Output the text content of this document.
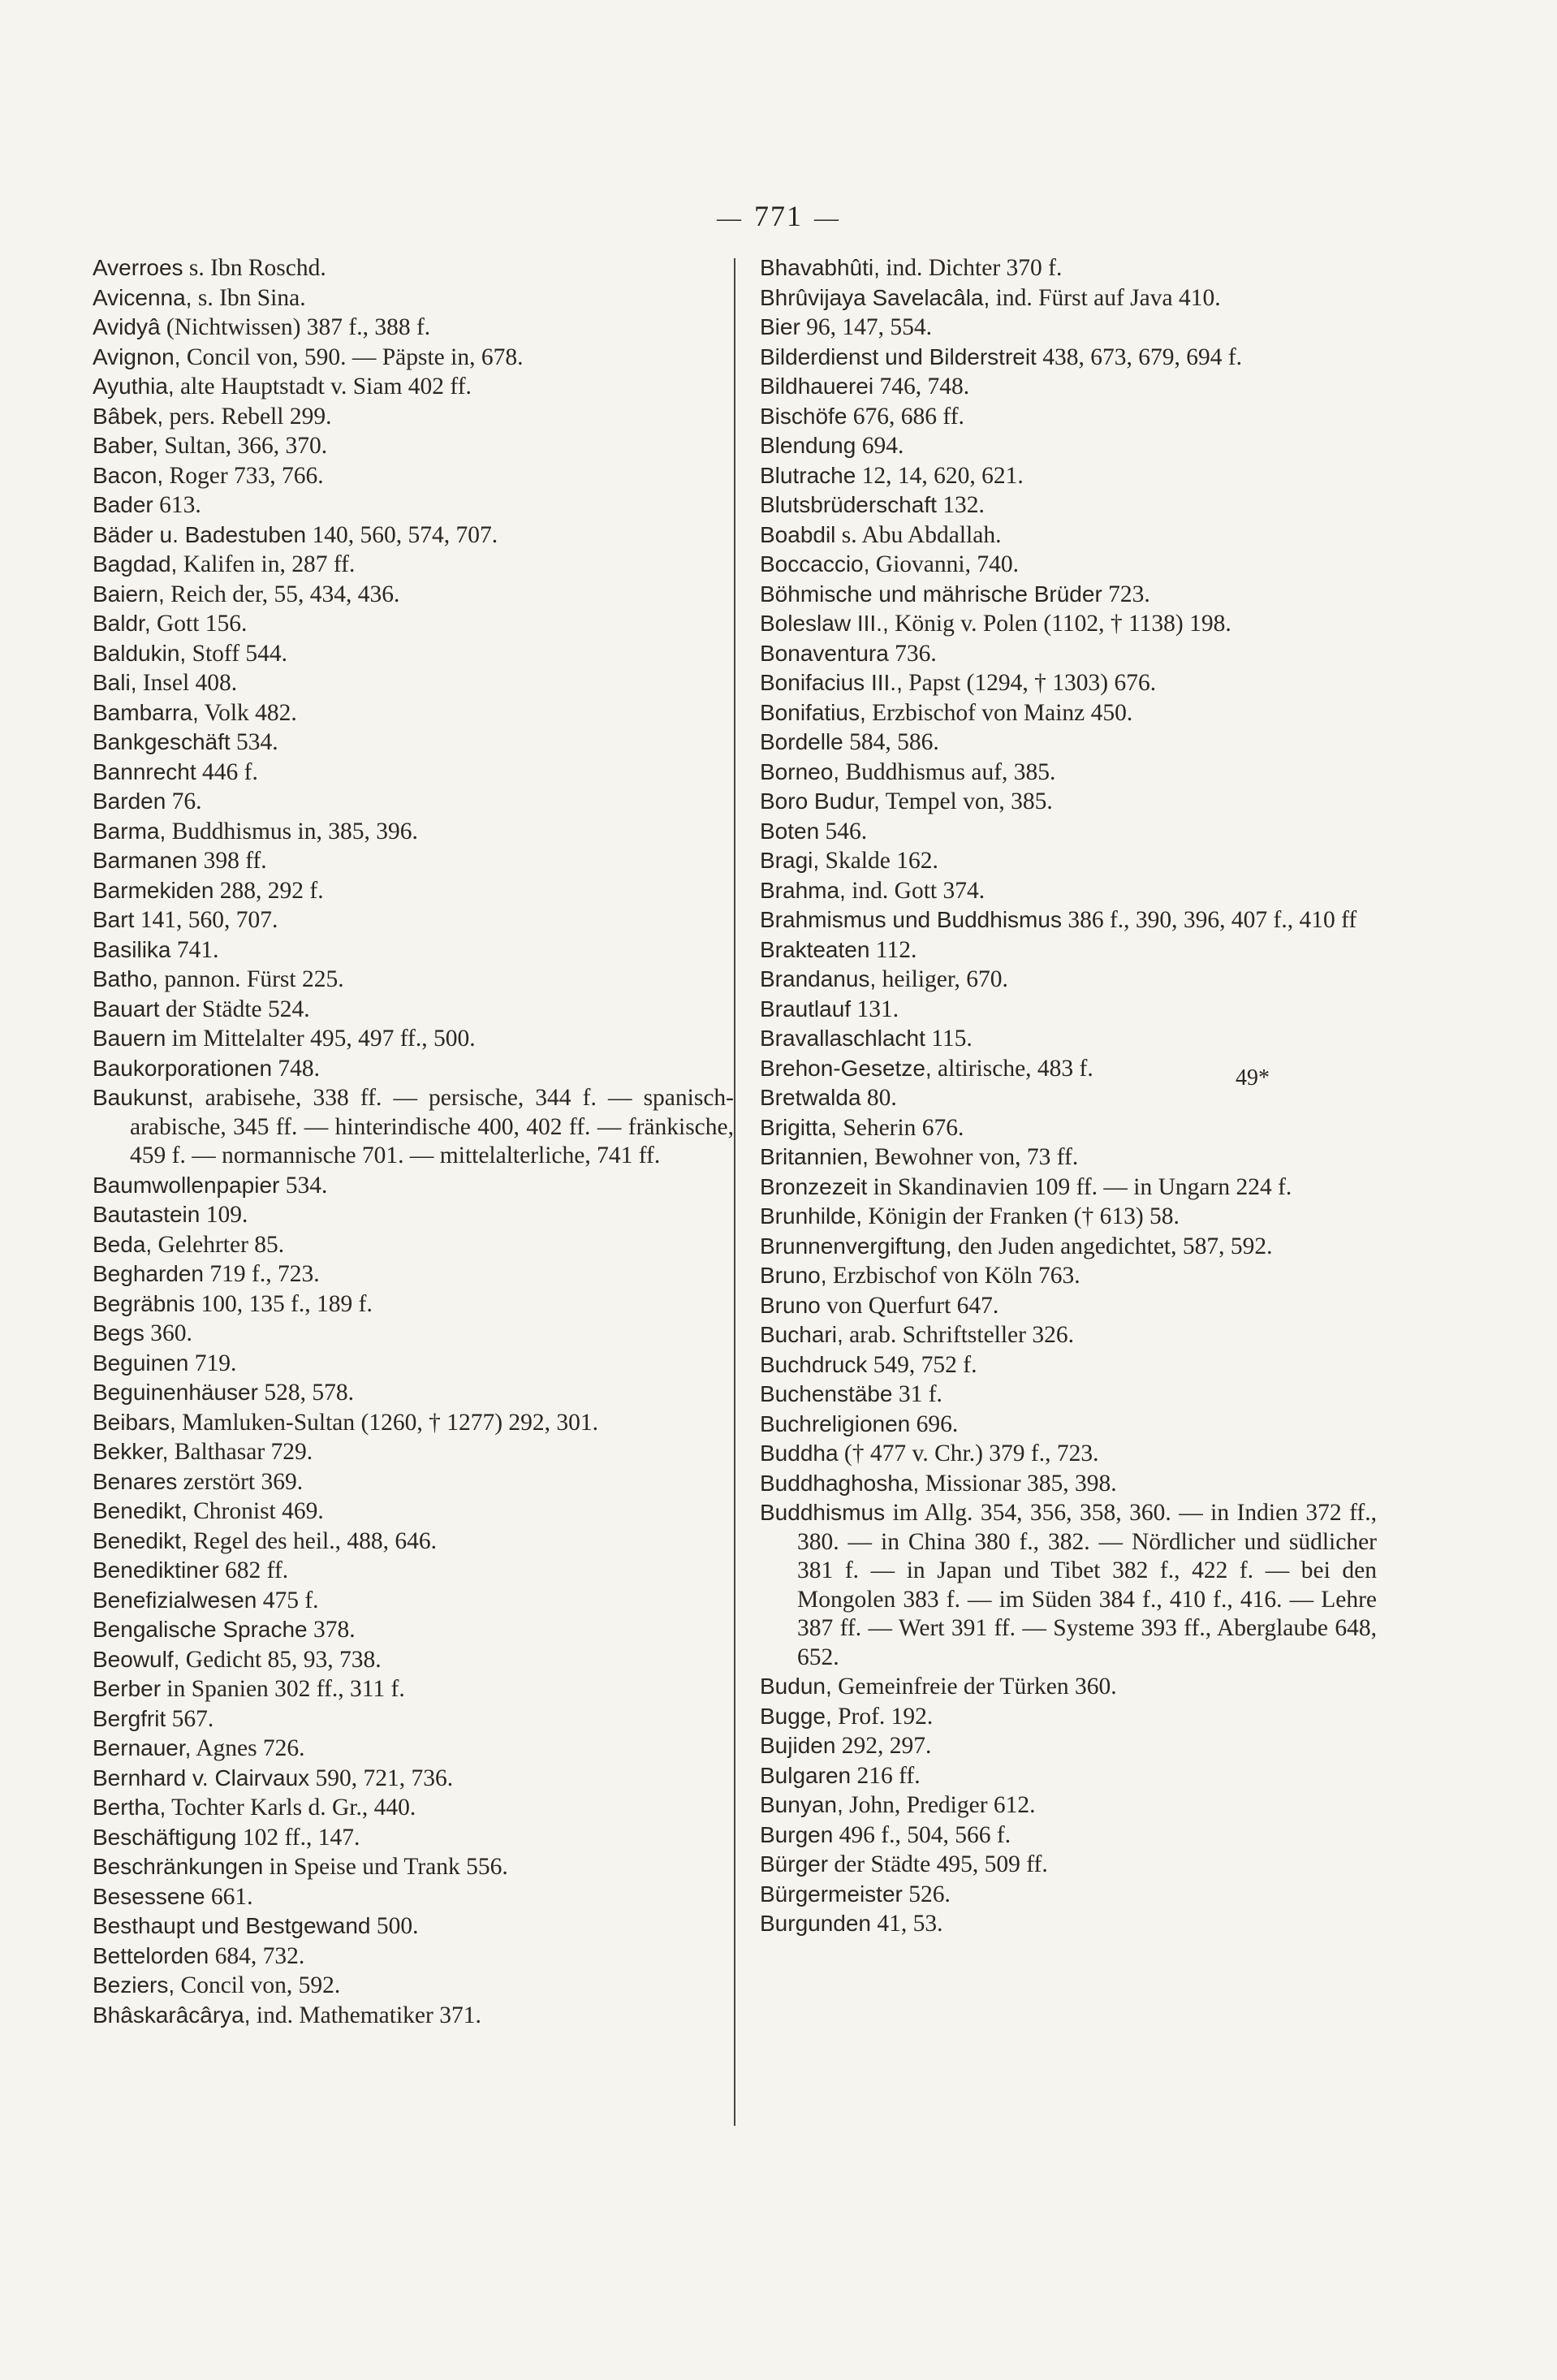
— 771 —

Averroes s. Ibn Roschd.

Avicenna, s. Ibn Sina.

Avidyâ (Nichtwissen) 387 f., 388 f.

Avignon, Concil von, 590. — Päpste in, 678.

Ayuthia, alte Hauptstadt v. Siam 402 ff.

Bâbek, pers. Rebell 299.

Baber, Sultan, 366, 370.

Bacon, Roger 733, 766.

Bader 613.

Bäder u. Badestuben 140, 560, 574, 707.

Bagdad, Kalifen in, 287 ff.

Baiern, Reich der, 55, 434, 436.

Baldr, Gott 156.

Baldukin, Stoff 544.

Bali, Insel 408.

Bambarra, Volk 482.

Bankgeschäft 534.

Bannrecht 446 f.

Barden 76.

Barma, Buddhismus in, 385, 396.

Barmanen 398 ff.

Barmekiden 288, 292 f.

Bart 141, 560, 707.

Basilika 741.

Batho, pannon. Fürst 225.

Bauart der Städte 524.

Bauern im Mittelalter 495, 497 ff., 500.

Baukorporationen 748.

Baukunst, arabisehe, 338 ff. — persische, 344 f. — spanisch-arabische, 345 ff. — hinterindische 400, 402 ff. — fränkische, 459 f. — normannische 701. — mittelalterliche, 741 ff.

Baumwollenpapier 534.

Bautastein 109.

Beda, Gelehrter 85.

Begharden 719 f., 723.

Begräbnis 100, 135 f., 189 f.

Begs 360.

Beguinen 719.

Beguinenhäuser 528, 578.

Beibars, Mamluken-Sultan (1260, † 1277) 292, 301.

Bekker, Balthasar 729.

Benares zerstört 369.

Benedikt, Chronist 469.

Benedikt, Regel des heil., 488, 646.

Benediktiner 682 ff.

Benefizialwesen 475 f.

Bengalische Sprache 378.

Beowulf, Gedicht 85, 93, 738.

Berber in Spanien 302 ff., 311 f.

Bergfrit 567.

Bernauer, Agnes 726.

Bernhard v. Clairvaux 590, 721, 736.

Bertha, Tochter Karls d. Gr., 440.

Beschäftigung 102 ff., 147.

Beschränkungen in Speise und Trank 556.

Besessene 661.

Besthaupt und Bestgewand 500.

Bettelorden 684, 732.

Beziers, Concil von, 592.

Bhâskarâcârya, ind. Mathematiker 371.

Bhavabhûti, ind. Dichter 370 f.

Bhrûvijaya Savelacâla, ind. Fürst auf Java 410.

Bier 96, 147, 554.

Bilderdienst und Bilderstreit 438, 673, 679, 694 f.

Bildhauerei 746, 748.

Bischöfe 676, 686 ff.

Blendung 694.

Blutrache 12, 14, 620, 621.

Blutsbrüderschaft 132.

Boabdil s. Abu Abdallah.

Boccaccio, Giovanni, 740.

Böhmische und mährische Brüder 723.

Boleslaw III., König v. Polen (1102, † 1138) 198.

Bonaventura 736.

Bonifacius III., Papst (1294, † 1303) 676.

Bonifatius, Erzbischof von Mainz 450.

Bordelle 584, 586.

Borneo, Buddhismus auf, 385.

Boro Budur, Tempel von, 385.

Boten 546.

Bragi, Skalde 162.

Brahma, ind. Gott 374.

Brahmismus und Buddhismus 386 f., 390, 396, 407 f., 410 ff

Brakteaten 112.

Brandanus, heiliger, 670.

Brautlauf 131.

Bravallaschlacht 115.

Brehon-Gesetze, altirische, 483 f.

Bretwalda 80.

Brigitta, Seherin 676.

Britannien, Bewohner von, 73 ff.

Bronzezeit in Skandinavien 109 ff. — in Ungarn 224 f.

Brunhilde, Königin der Franken († 613) 58.

Brunnenvergiftung, den Juden angedichtet, 587, 592.

Bruno, Erzbischof von Köln 763.

Bruno von Querfurt 647.

Buchari, arab. Schriftsteller 326.

Buchdruck 549, 752 f.

Buchenstäbe 31 f.

Buchreligionen 696.

Buddha († 477 v. Chr.) 379 f., 723.

Buddhaghosha, Missionar 385, 398.

Buddhismus im Allg. 354, 356, 358, 360. — in Indien 372 ff., 380. — in China 380 f., 382. — Nördlicher und südlicher 381 f. — in Japan und Tibet 382 f., 422 f. — bei den Mongolen 383 f. — im Süden 384 f., 410 f., 416. — Lehre 387 ff. — Wert 391 ff. — Systeme 393 ff., Aberglaube 648, 652.

Budun, Gemeinfreie der Türken 360.

Bugge, Prof. 192.

Bujiden 292, 297.

Bulgaren 216 ff.

Bunyan, John, Prediger 612.

Burgen 496 f., 504, 566 f.

Bürger der Städte 495, 509 ff.

Bürgermeister 526.

Burgunden 41, 53.

49*
